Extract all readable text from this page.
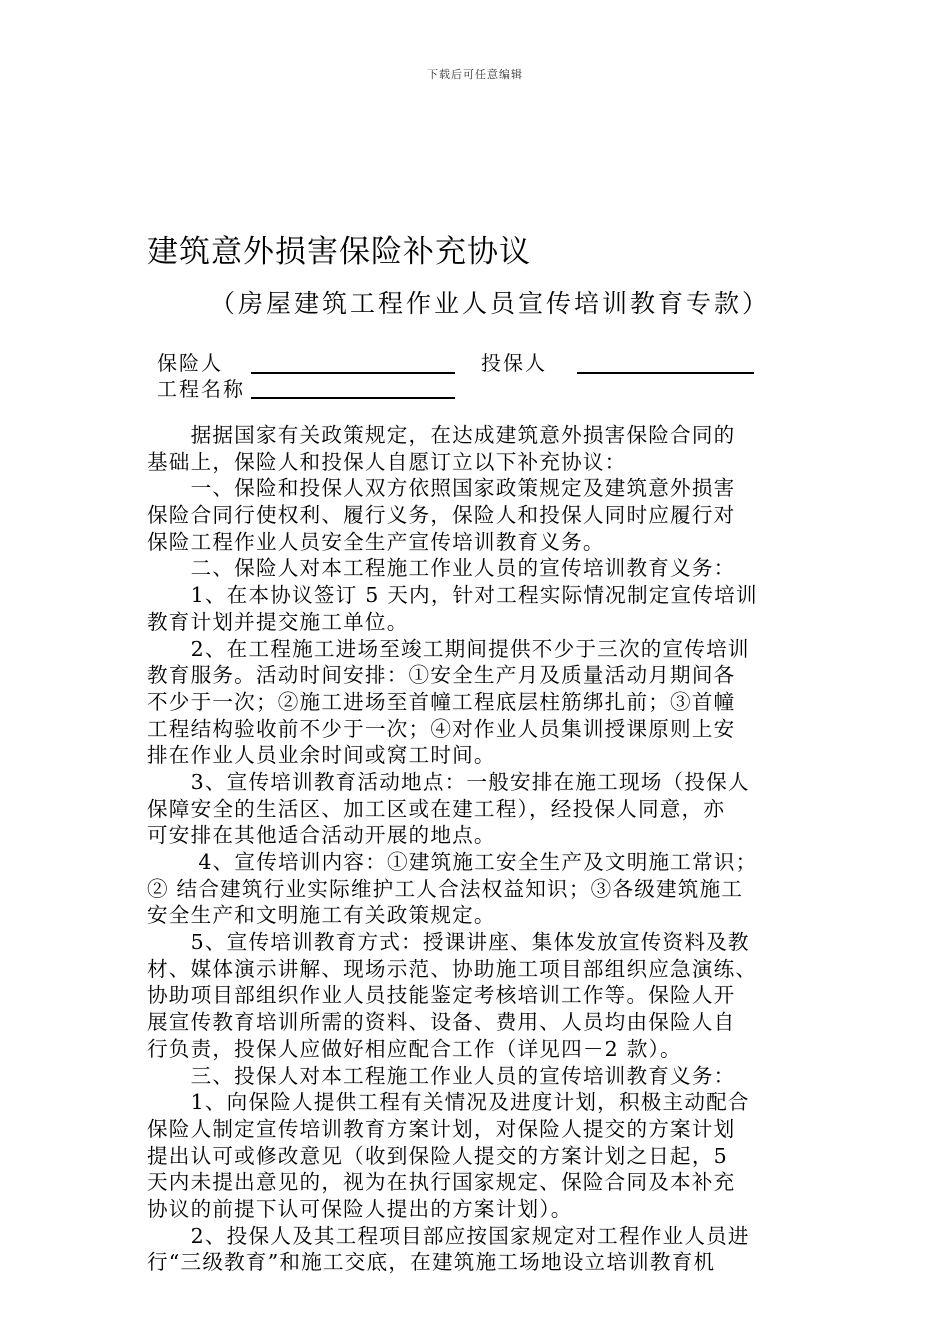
下载后可任意编辑
建筑意外损害保险补充协议
（房屋建筑工程作业人员宣传培训教育专款）
保险人	投保人
工程名称
　　据据国家有关政策规定，在达成建筑意外损害保险合同的
基础上，保险人和投保人自愿订立以下补充协议：
　　一、保险和投保人双方依照国家政策规定及建筑意外损害
保险合同行使权利、履行义务，保险人和投保人同时应履行对
保险工程作业人员安全生产宣传培训教育义务。
　　二、保险人对本工程施工作业人员的宣传培训教育义务：
　　1、在本协议签订 5 天内，针对工程实际情况制定宣传培训
教育计划并提交施工单位。
　　2、在工程施工进场至竣工期间提供不少于三次的宣传培训
教育服务。活动时间安排：①安全生产月及质量活动月期间各
不少于一次；②施工进场至首幢工程底层柱筋绑扎前；③首幢
工程结构验收前不少于一次；④对作业人员集训授课原则上安
排在作业人员业余时间或窝工时间。
　　3、宣传培训教育活动地点：一般安排在施工现场（投保人
保障安全的生活区、加工区或在建工程），经投保人同意，亦
可安排在其他适合活动开展的地点。
　　 4、宣传培训内容：①建筑施工安全生产及文明施工常识；
② 结合建筑行业实际维护工人合法权益知识；③各级建筑施工
安全生产和文明施工有关政策规定。
　　5、宣传培训教育方式：授课讲座、集体发放宣传资料及教
材、媒体演示讲解、现场示范、协助施工项目部组织应急演练、
协助项目部组织作业人员技能鉴定考核培训工作等。保险人开
展宣传教育培训所需的资料、设备、费用、人员均由保险人自
行负责，投保人应做好相应配合工作（详见四－2 款）。
　　三、投保人对本工程施工作业人员的宣传培训教育义务：
　　1、向保险人提供工程有关情况及进度计划，积极主动配合
保险人制定宣传培训教育方案计划，对保险人提交的方案计划
提出认可或修改意见（收到保险人提交的方案计划之日起，5
天内未提出意见的，视为在执行国家规定、保险合同及本补充
协议的前提下认可保险人提出的方案计划）。
　　2、投保人及其工程项目部应按国家规定对工程作业人员进
行“三级教育”和施工交底，在建筑施工场地设立培训教育机
